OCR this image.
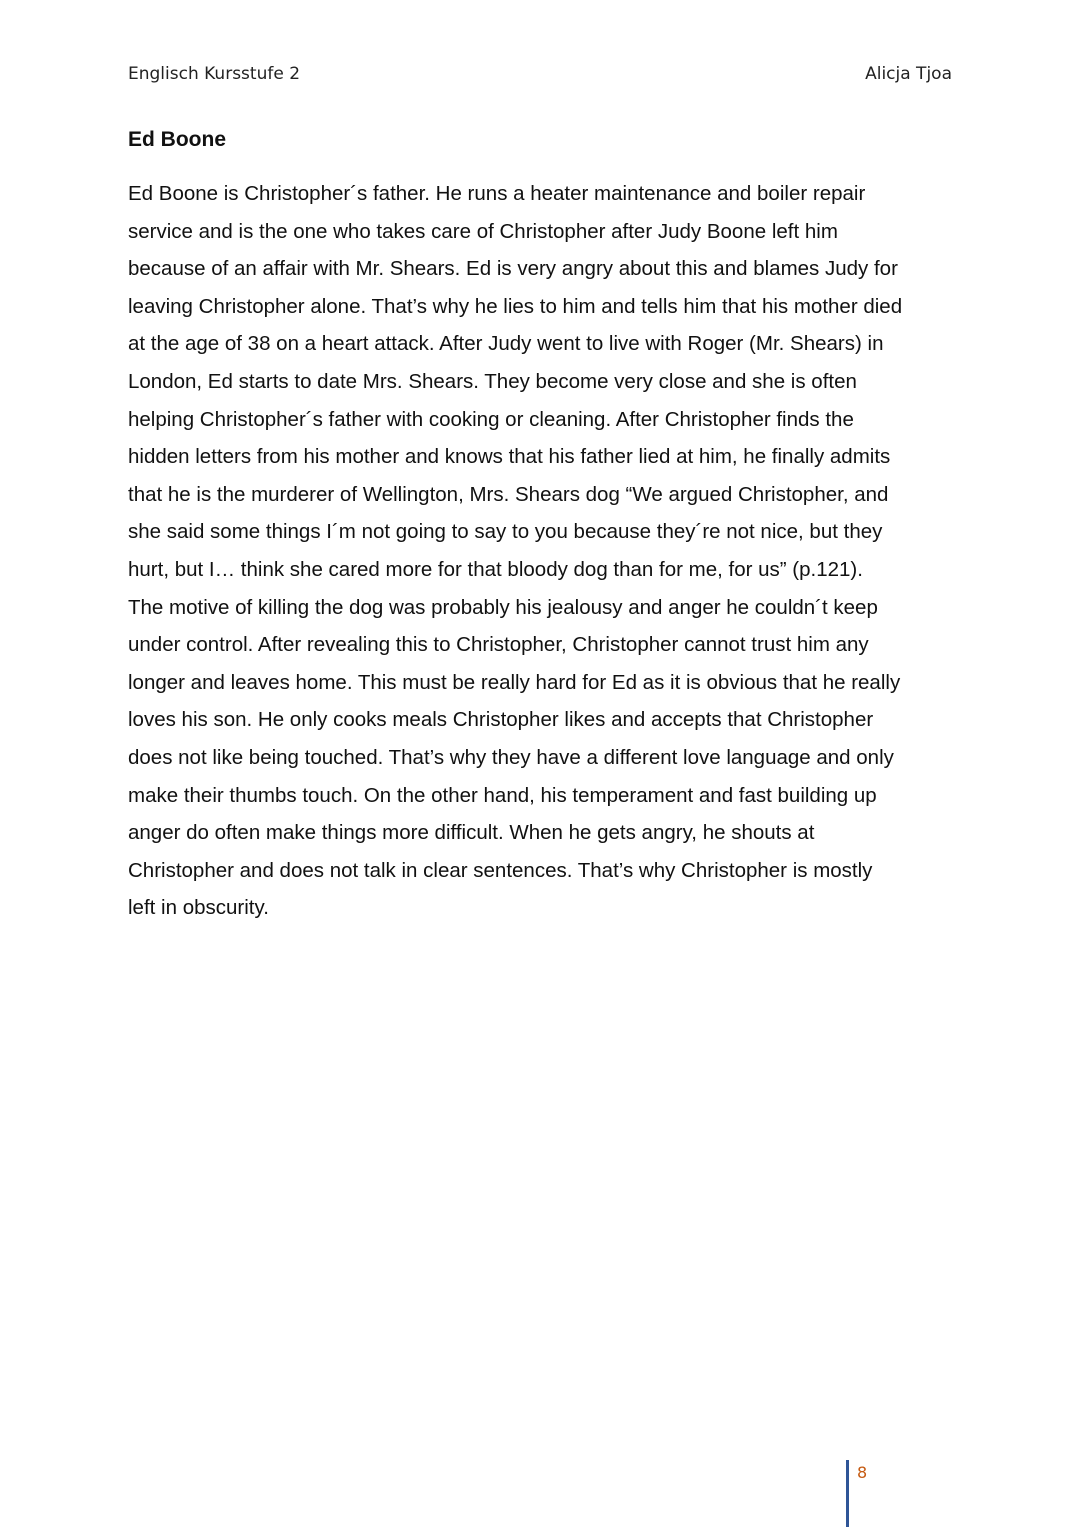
Englisch Kursstufe 2	Alicja Tjoa
Ed Boone
Ed Boone is Christopher´s father. He runs a heater maintenance and boiler repair
service and is the one who takes care of Christopher after Judy Boone left him
because of an affair with Mr. Shears. Ed is very angry about this and blames Judy for
leaving Christopher alone. That’s why he lies to him and tells him that his mother died
at the age of 38 on a heart attack. After Judy went to live with Roger (Mr. Shears) in
London, Ed starts to date Mrs. Shears. They become very close and she is often
helping Christopher´s father with cooking or cleaning. After Christopher finds the
hidden letters from his mother and knows that his father lied at him, he finally admits
that he is the murderer of Wellington, Mrs. Shears dog “We argued Christopher, and
she said some things I´m not going to say to you because they´re not nice, but they
hurt, but I… think she cared more for that bloody dog than for me, for us” (p.121).
The motive of killing the dog was probably his jealousy and anger he couldn´t keep
under control. After revealing this to Christopher, Christopher cannot trust him any
longer and leaves home. This must be really hard for Ed as it is obvious that he really
loves his son. He only cooks meals Christopher likes and accepts that Christopher
does not like being touched. That’s why they have a different love language and only
make their thumbs touch. On the other hand, his temperament and fast building up
anger do often make things more difficult. When he gets angry, he shouts at
Christopher and does not talk in clear sentences. That’s why Christopher is mostly
left in obscurity.
8
